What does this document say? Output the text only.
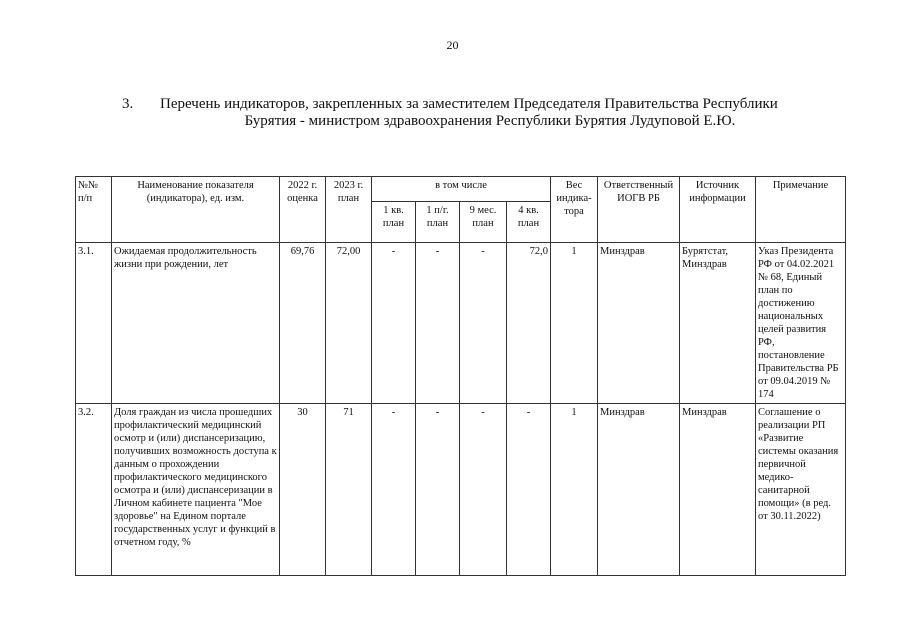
20
3. Перечень индикаторов, закрепленных за заместителем Председателя Правительства Республики
Бурятия - министром здравоохранения Республики Бурятия Лудуповой Е.Ю.
№№ п/п	Наименование показателя (индикатора), ед. изм.	2022 г. оценка	2023 г. план	в том числе				Вес индика- тора	Ответственный ИОГВ РБ	Источник информации	Примечание
				1 кв. план	1 п/г. план	9 мес. план	4 кв. план				
3.1.	Ожидаемая продолжительность жизни при рождении, лет	69,76	72,00	-	-	-	72,0	1	Минздрав	Бурятстат, Минздрав	Указ Президента РФ от 04.02.2021 № 68, Единый план по достижению национальных целей развития РФ, постановление Правительства РБ от 09.04.2019 № 174
3.2.	Доля граждан из числа прошедших профилактический медицинский осмотр и (или) диспансеризацию, получивших возможность доступа к данным о прохождении профилактического медицинского осмотра и (или) диспансеризации в Личном кабинете пациента "Мое здоровье" на Едином портале государственных услуг и функций в отчетном году, %	30	71	-	-	-	-	1	Минздрав	Минздрав	Соглашение о реализации РП «Развитие системы оказания первичной медико-санитарной помощи» (в ред. от 30.11.2022)
